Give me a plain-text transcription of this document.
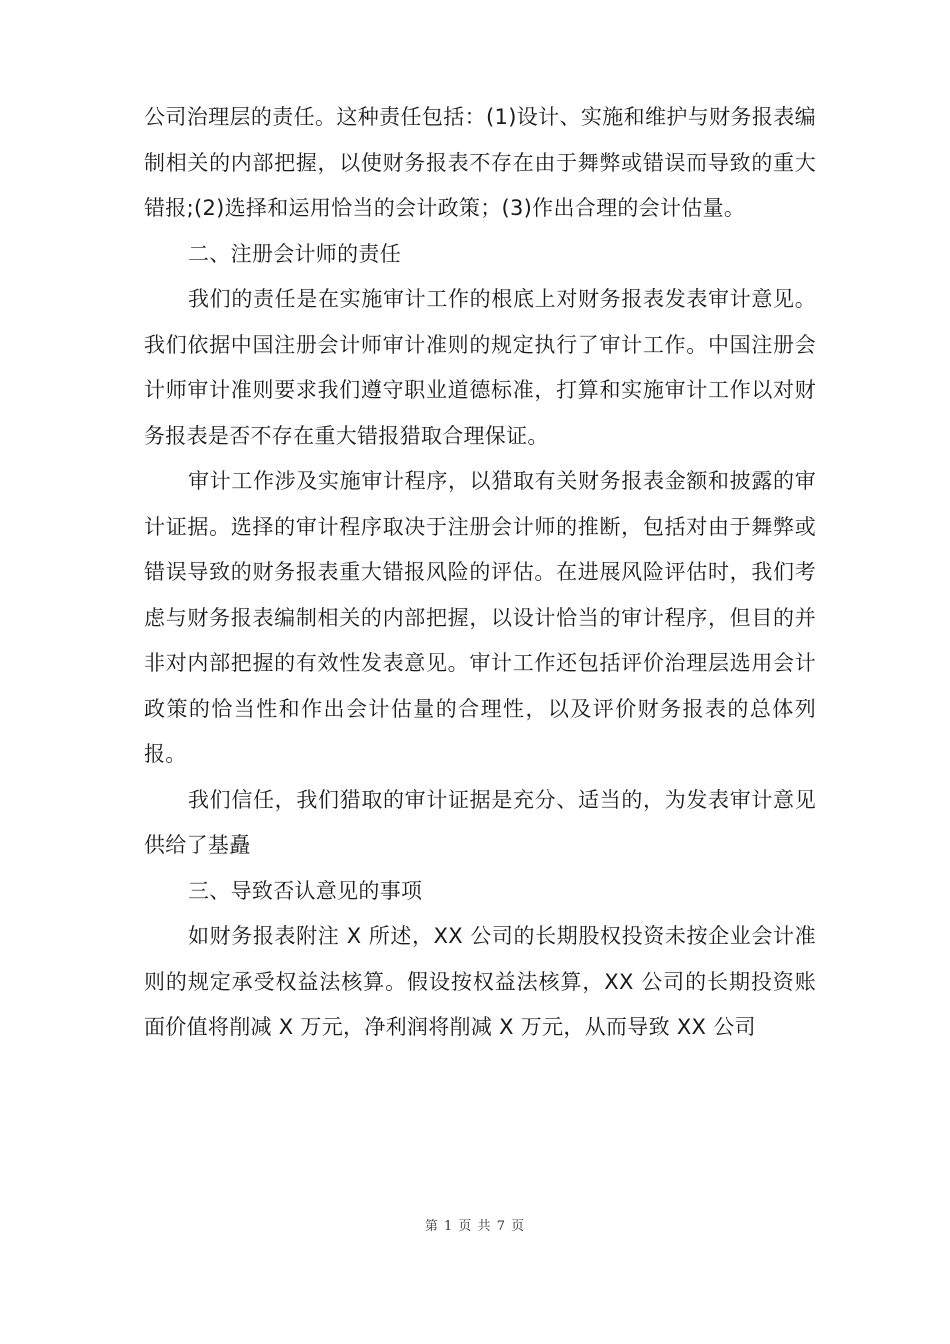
公司治理层的责任。这种责任包括：(1)设计、实施和维护与财务报表编制相关的内部把握，以使财务报表不存在由于舞弊或错误而导致的重大错报;(2)选择和运用恰当的会计政策；(3)作出合理的会计估量。

二、注册会计师的责任

我们的责任是在实施审计工作的根底上对财务报表发表审计意见。我们依据中国注册会计师审计准则的规定执行了审计工作。中国注册会计师审计准则要求我们遵守职业道德标准，打算和实施审计工作以对财务报表是否不存在重大错报猎取合理保证。

审计工作涉及实施审计程序，以猎取有关财务报表金额和披露的审计证据。选择的审计程序取决于注册会计师的推断，包括对由于舞弊或错误导致的财务报表重大错报风险的评估。在进展风险评估时，我们考虑与财务报表编制相关的内部把握，以设计恰当的审计程序，但目的并非对内部把握的有效性发表意见。审计工作还包括评价治理层选用会计政策的恰当性和作出会计估量的合理性，以及评价财务报表的总体列报。

我们信任，我们猎取的审计证据是充分、适当的，为发表审计意见供给了基矗

三、导致否认意见的事项

如财务报表附注 X 所述，XX 公司的长期股权投资未按企业会计准则的规定承受权益法核算。假设按权益法核算，XX 公司的长期投资账面价值将削减 X 万元，净利润将削减 X 万元，从而导致 XX 公司

第 1 页 共 7 页
